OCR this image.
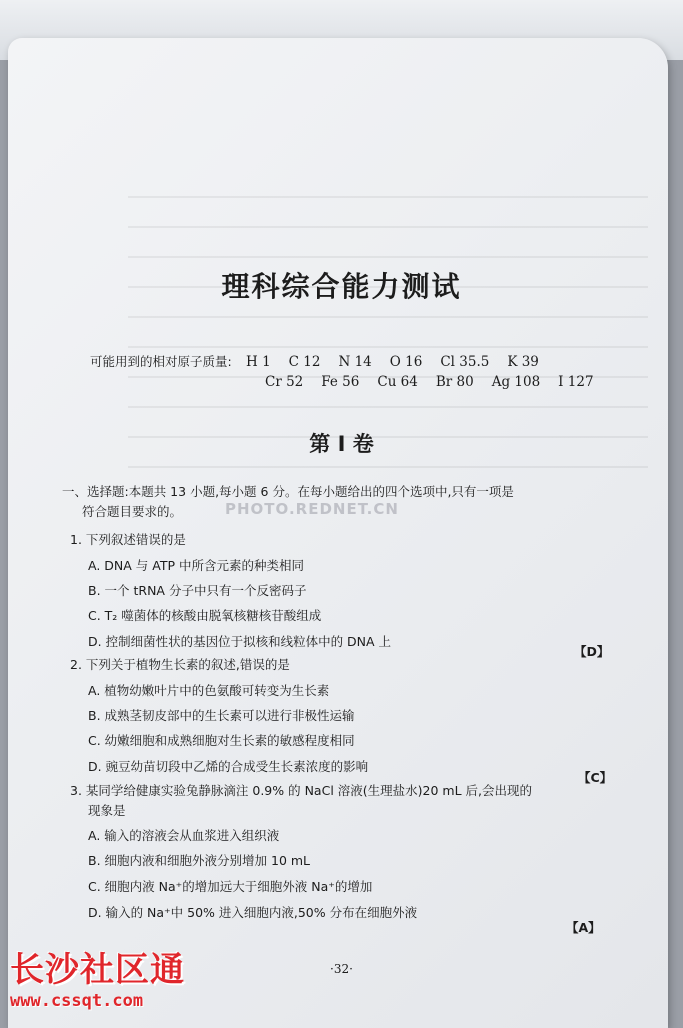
理科综合能力测试
可能用到的相对原子质量: H 1 C 12 N 14 O 16 Cl 35.5 K 39
Cr 52 Fe 56 Cu 64 Br 80 Ag 108 I 127
第 I 卷
一、选择题:本题共 13 小题,每小题 6 分。在每小题给出的四个选项中,只有一项是
符合题目要求的。	PHOTO.REDNET.CN
1. 下列叙述错误的是
A. DNA 与 ATP 中所含元素的种类相同
B. 一个 tRNA 分子中只有一个反密码子
C. T₂ 噬菌体的核酸由脱氧核糖核苷酸组成
D. 控制细菌性状的基因位于拟核和线粒体中的 DNA 上
【D】
2. 下列关于植物生长素的叙述,错误的是
A. 植物幼嫩叶片中的色氨酸可转变为生长素
B. 成熟茎韧皮部中的生长素可以进行非极性运输
C. 幼嫩细胞和成熟细胞对生长素的敏感程度相同
D. 豌豆幼苗切段中乙烯的合成受生长素浓度的影响
【C】
3. 某同学给健康实验兔静脉滴注 0.9% 的 NaCl 溶液(生理盐水)20 mL 后,会出现的
现象是
A. 输入的溶液会从血浆进入组织液
B. 细胞内液和细胞外液分别增加 10 mL
C. 细胞内液 Na⁺的增加远大于细胞外液 Na⁺的增加
D. 输入的 Na⁺中 50% 进入细胞内液,50% 分布在细胞外液
【A】
·32·
长沙社区通
www.cssqt.com
